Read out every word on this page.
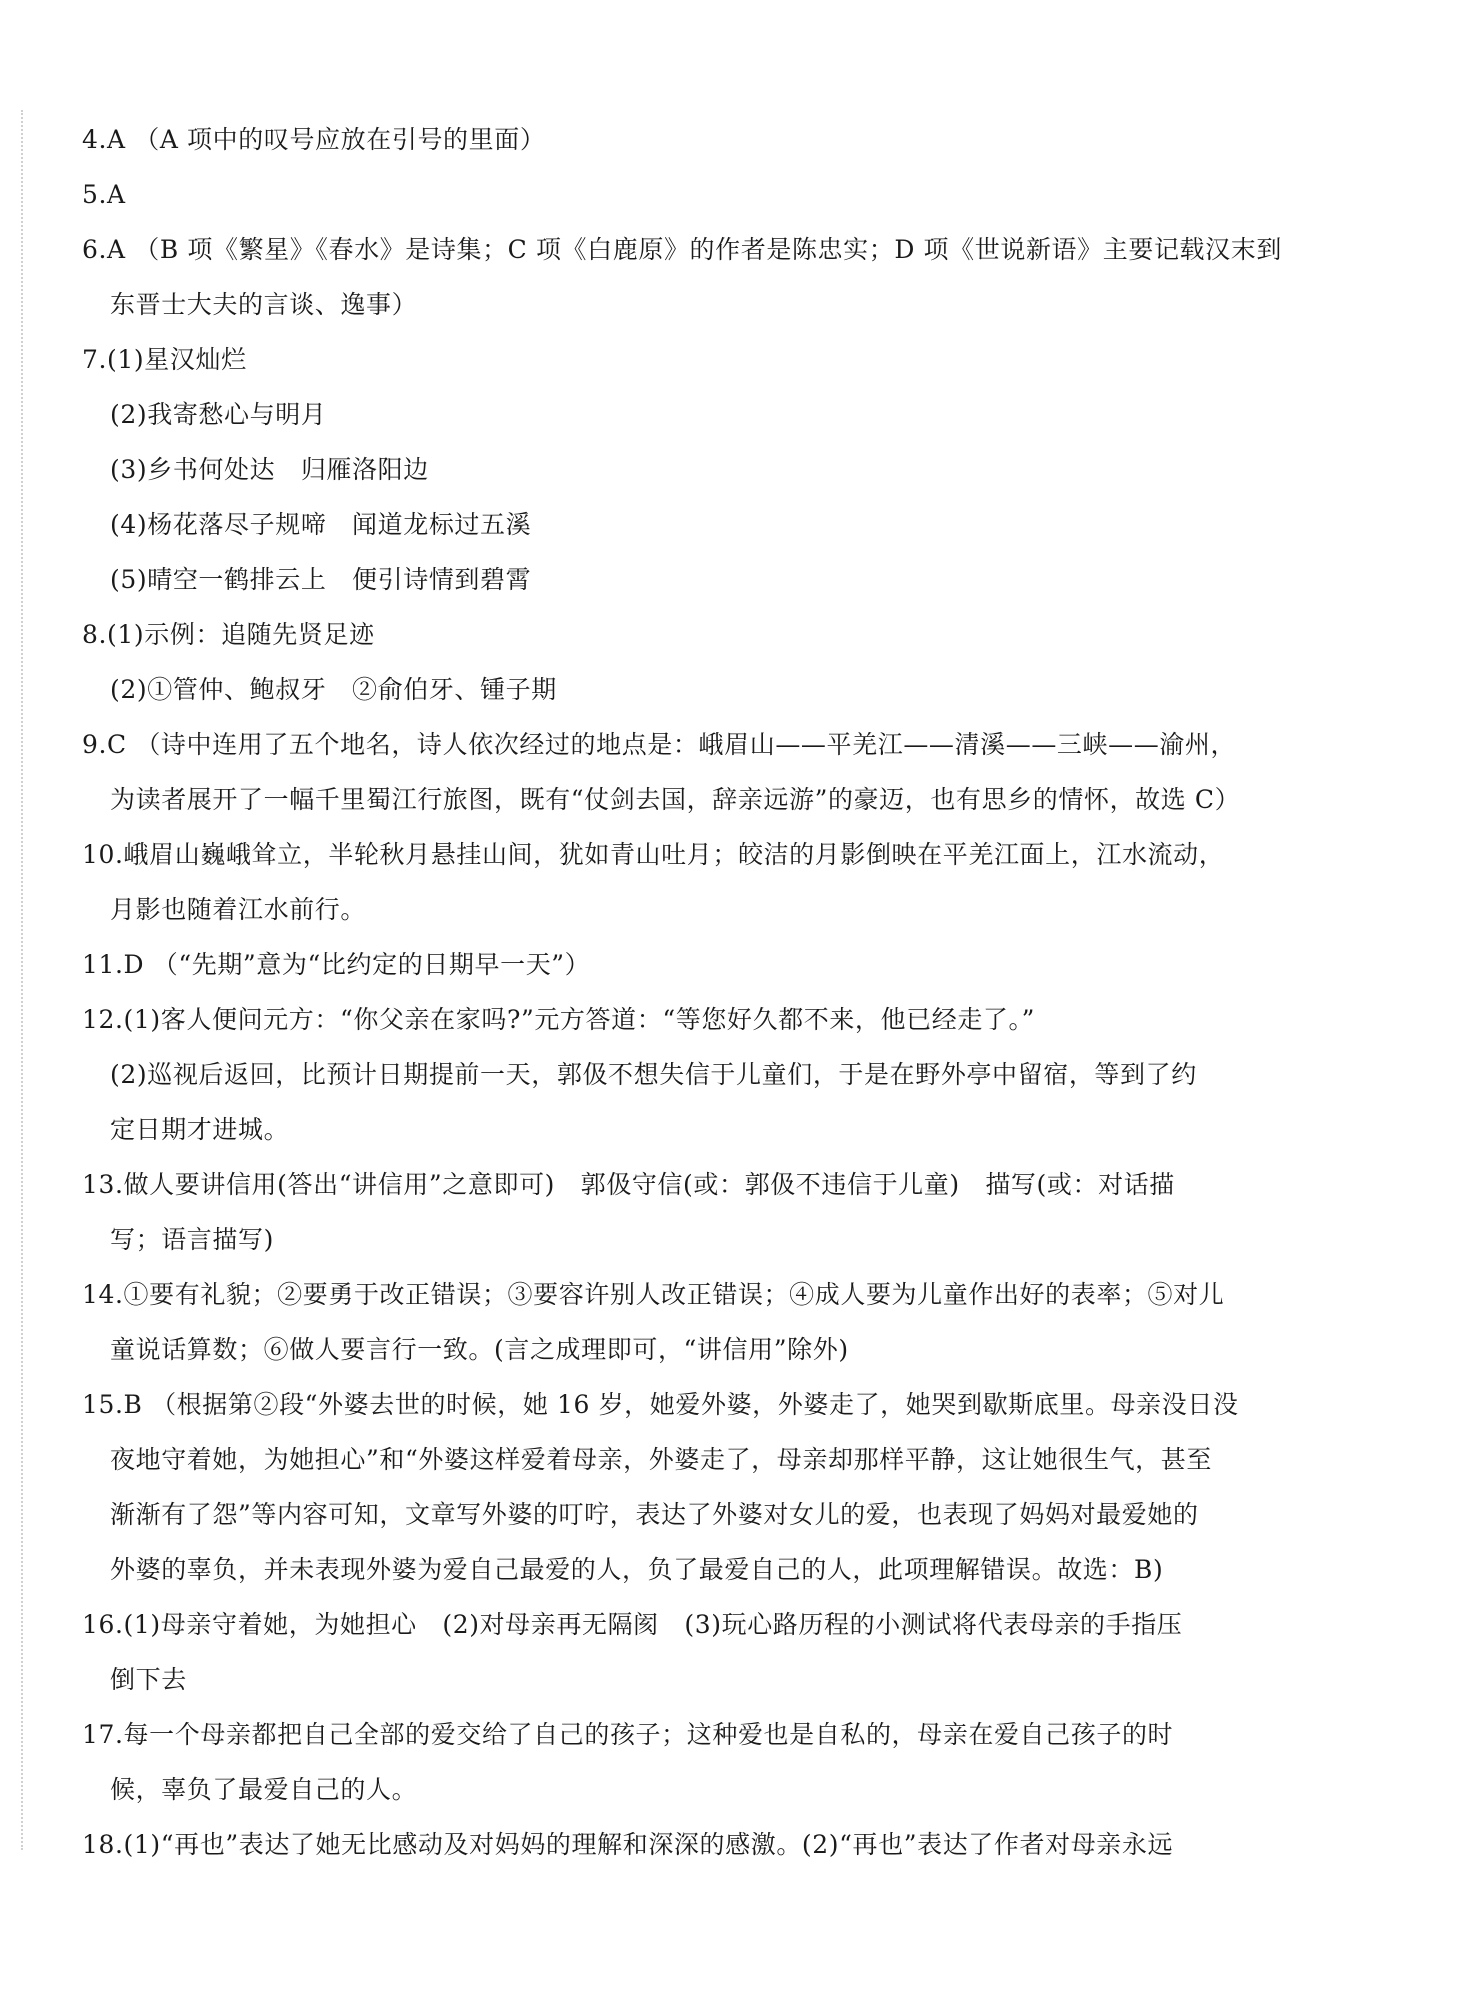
4.A （A 项中的叹号应放在引号的里面）
5.A
6.A （B 项《繁星》《春水》是诗集；C 项《白鹿原》的作者是陈忠实；D 项《世说新语》主要记载汉末到
东晋士大夫的言谈、逸事）
7.(1)星汉灿烂
(2)我寄愁心与明月
(3)乡书何处达　归雁洛阳边
(4)杨花落尽子规啼　闻道龙标过五溪
(5)晴空一鹤排云上　便引诗情到碧霄
8.(1)示例：追随先贤足迹
(2)①管仲、鲍叔牙　②俞伯牙、锺子期
9.C （诗中连用了五个地名，诗人依次经过的地点是：峨眉山——平羌江——清溪——三峡——渝州，
为读者展开了一幅千里蜀江行旅图，既有“仗剑去国，辞亲远游”的豪迈，也有思乡的情怀，故选 C）
10.峨眉山巍峨耸立，半轮秋月悬挂山间，犹如青山吐月；皎洁的月影倒映在平羌江面上，江水流动，
月影也随着江水前行。
11.D （“先期”意为“比约定的日期早一天”）
12.(1)客人便问元方：“你父亲在家吗?”元方答道：“等您好久都不来，他已经走了。”
(2)巡视后返回，比预计日期提前一天，郭伋不想失信于儿童们，于是在野外亭中留宿，等到了约
定日期才进城。
13.做人要讲信用(答出“讲信用”之意即可)　郭伋守信(或：郭伋不违信于儿童)　描写(或：对话描
写；语言描写)
14.①要有礼貌；②要勇于改正错误；③要容许别人改正错误；④成人要为儿童作出好的表率；⑤对儿
童说话算数；⑥做人要言行一致。(言之成理即可，“讲信用”除外)
15.B （根据第②段“外婆去世的时候，她 16 岁，她爱外婆，外婆走了，她哭到歇斯底里。母亲没日没
夜地守着她，为她担心”和“外婆这样爱着母亲，外婆走了，母亲却那样平静，这让她很生气，甚至
渐渐有了怨”等内容可知，文章写外婆的叮咛，表达了外婆对女儿的爱，也表现了妈妈对最爱她的
外婆的辜负，并未表现外婆为爱自己最爱的人，负了最爱自己的人，此项理解错误。故选：B)
16.(1)母亲守着她，为她担心　(2)对母亲再无隔阂　(3)玩心路历程的小测试将代表母亲的手指压
倒下去
17.每一个母亲都把自己全部的爱交给了自己的孩子；这种爱也是自私的，母亲在爱自己孩子的时
候，辜负了最爱自己的人。
18.(1)“再也”表达了她无比感动及对妈妈的理解和深深的感激。(2)“再也”表达了作者对母亲永远
